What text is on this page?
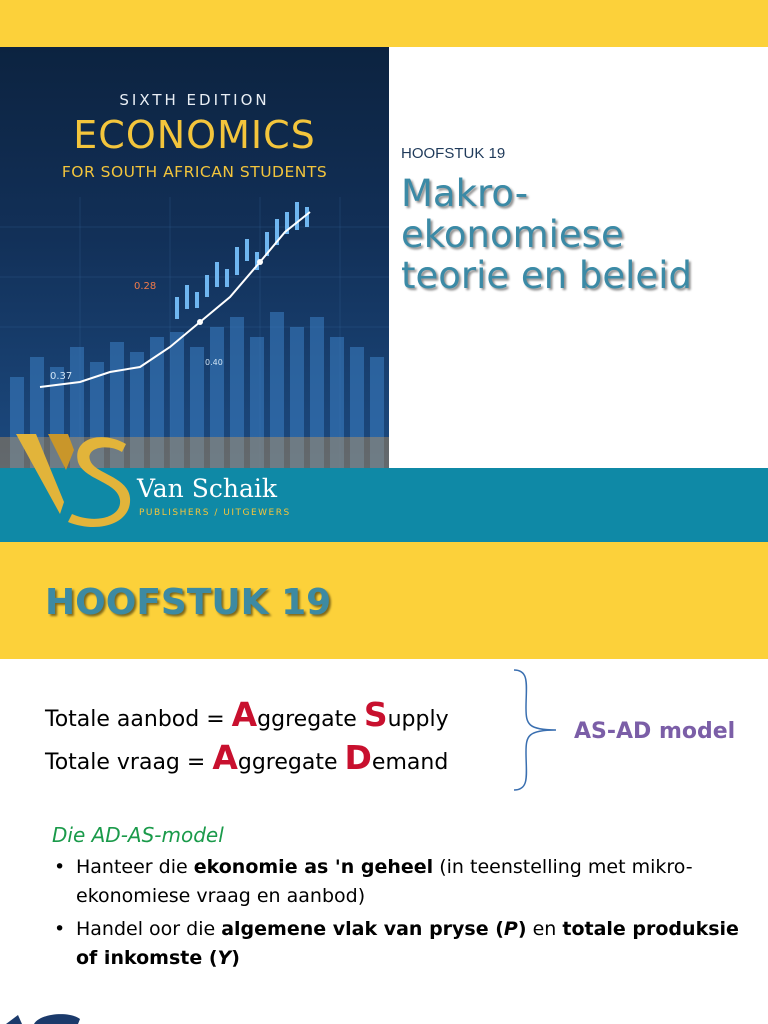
0.28
0.37
0.40
SIXTH EDITION
ECONOMICS
FOR SOUTH AFRICAN STUDENTS
HOOFSTUK 19
Makro-
ekonomiese
teorie en beleid
Van Schaik
PUBLISHERS / UITGEWERS
HOOFSTUK 19
Totale aanbod = Aggregate Supply
Totale vraag = Aggregate Demand
AS-AD model
Die AD-AS-model
• Hanteer die ekonomie as 'n geheel (in teenstelling met mikro-ekonomiese vraag en aanbod)
• Handel oor die algemene vlak van pryse (P) en totale produksie of inkomste (Y)
